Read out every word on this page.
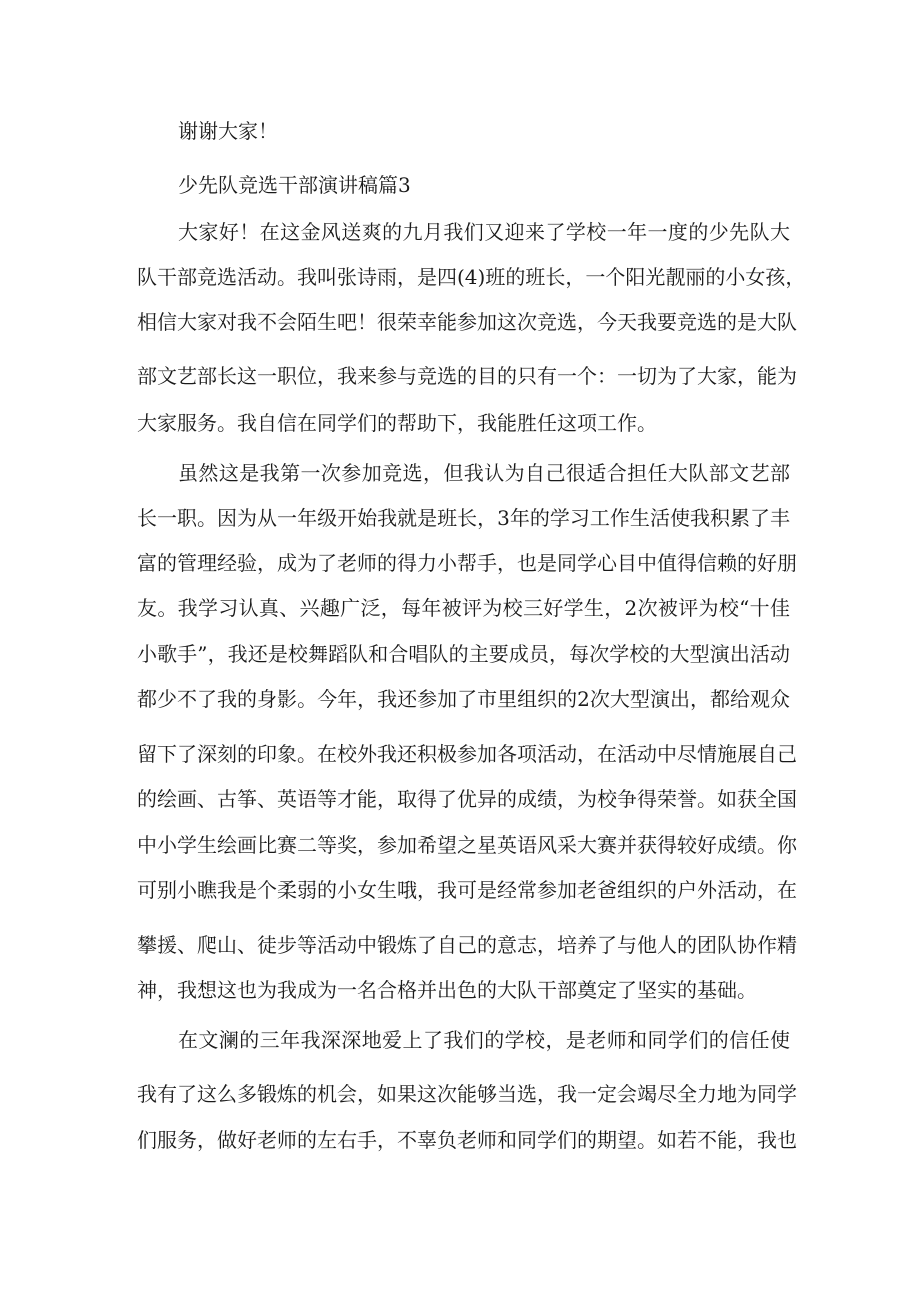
谢谢大家！

少先队竞选干部演讲稿篇3

大家好！在这金风送爽的九月我们又迎来了学校一年一度的少先队大

队干部竞选活动。我叫张诗雨，是四(4)班的班长，一个阳光靓丽的小女孩，

相信大家对我不会陌生吧！很荣幸能参加这次竞选，今天我要竞选的是大队

部文艺部长这一职位，我来参与竞选的目的只有一个：一切为了大家，能为

大家服务。我自信在同学们的帮助下，我能胜任这项工作。

虽然这是我第一次参加竞选，但我认为自己很适合担任大队部文艺部

长一职。因为从一年级开始我就是班长，3年的学习工作生活使我积累了丰

富的管理经验，成为了老师的得力小帮手，也是同学心目中值得信赖的好朋

友。我学习认真、兴趣广泛，每年被评为校三好学生，2次被评为校“十佳

小歌手”，我还是校舞蹈队和合唱队的主要成员，每次学校的大型演出活动

都少不了我的身影。今年，我还参加了市里组织的2次大型演出，都给观众

留下了深刻的印象。在校外我还积极参加各项活动，在活动中尽情施展自己

的绘画、古筝、英语等才能，取得了优异的成绩，为校争得荣誉。如获全国

中小学生绘画比赛二等奖，参加希望之星英语风采大赛并获得较好成绩。你

可别小瞧我是个柔弱的小女生哦，我可是经常参加老爸组织的户外活动，在

攀援、爬山、徒步等活动中锻炼了自己的意志，培养了与他人的团队协作精

神，我想这也为我成为一名合格并出色的大队干部奠定了坚实的基础。

在文澜的三年我深深地爱上了我们的学校，是老师和同学们的信任使

我有了这么多锻炼的机会，如果这次能够当选，我一定会竭尽全力地为同学

们服务，做好老师的左右手，不辜负老师和同学们的期望。如若不能，我也
